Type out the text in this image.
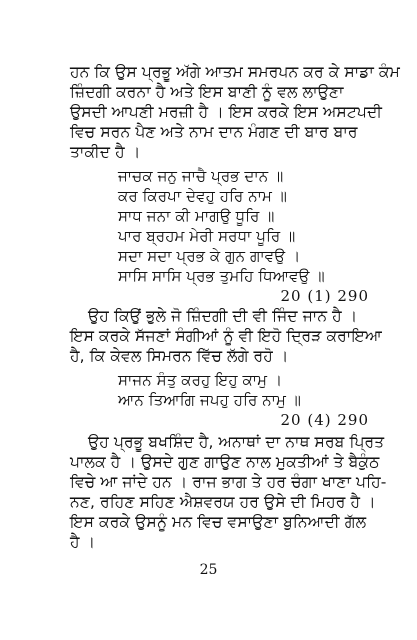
ਹਨ ਕਿ ਉਸ ਪ੍ਰਭੂ ਅੱਗੇ ਆਤਮ ਸਮਰਪਨ ਕਰ ਕੇ ਸਾਡਾ ਕੰਮ
ਜ਼ਿੰਦਗੀ ਕਰਨਾ ਹੈ ਅਤੇ ਇਸ ਬਾਣੀ ਨੂੰ ਵਲ ਲਾਉਣਾ
ਉਸਦੀ ਆਪਣੀ ਮਰਜ਼ੀ ਹੈ । ਇਸ ਕਰਕੇ ਇਸ ਅਸਟਪਦੀ
ਵਿਚ ਸਰਨ ਪੈਣ ਅਤੇ ਨਾਮ ਦਾਨ ਮੰਗਣ ਦੀ ਬਾਰ ਬਾਰ
ਤਾਕੀਦ ਹੈ ।
ਜਾਚਕ ਜਨੁ ਜਾਚੈ ਪ੍ਰਭ ਦਾਨ ॥
ਕਰ ਕਿਰਪਾ ਦੇਵਹੁ ਹਰਿ ਨਾਮ ॥
ਸਾਧ ਜਨਾ ਕੀ ਮਾਗਉ ਧੂਰਿ ॥
ਪਾਰ ਬ੍ਰਹਮ ਮੇਰੀ ਸਰਧਾ ਪੂਰਿ ॥
ਸਦਾ ਸਦਾ ਪ੍ਰਭ ਕੇ ਗੁਨ ਗਾਵਉ ।
ਸਾਸਿ ਸਾਸਿ ਪ੍ਰਭ ਤੁਮਹਿ ਧਿਆਵਉ ॥
20 (1) 290
ਉਹ ਕਿਉਂ ਭੁਲੇ ਜੋ ਜ਼ਿੰਦਗੀ ਦੀ ਵੀ ਜਿੰਦ ਜਾਨ ਹੈ ।
ਇਸ ਕਰਕੇ ਸੱਜਣਾਂ ਸੰਗੀਆਂ ਨੂੰ ਵੀ ਇਹੋ ਦ੍ਰਿੜ ਕਰਾਇਆ
ਹੈ, ਕਿ ਕੇਵਲ ਸਿਮਰਨ ਵਿੱਚ ਲੱਗੇ ਰਹੋ ।
ਸਾਜਨ ਸੰਤੁ ਕਰਹੁ ਇਹੁ ਕਾਮੁ ।
ਆਨ ਤਿਆਗਿ ਜਪਹੁ ਹਰਿ ਨਾਮੁ ॥
20 (4) 290
ਉਹ ਪ੍ਰਭੂ ਬਖਸ਼ਿੰਦ ਹੈ, ਅਨਾਥਾਂ ਦਾ ਨਾਥ ਸਰਬ ਪ੍ਰਿਤ
ਪਾਲਕ ਹੈ । ਉਸਦੇ ਗੁਣ ਗਾਉਣ ਨਾਲ ਮੁਕਤੀਆਂ ਤੇ ਬੈਕੁੰਠ
ਵਿਚੇ ਆ ਜਾਂਦੇ ਹਨ । ਰਾਜ ਭਾਗ ਤੇ ਹਰ ਚੰਗਾ ਖਾਣਾ ਪਹਿ-
ਨਣ, ਰਹਿਣ ਸਹਿਣ ਐਸ਼ਵਰਯ ਹਰ ਉਸੇ ਦੀ ਮਿਹਰ ਹੈ ।
ਇਸ ਕਰਕੇ ਉਸਨੂੰ ਮਨ ਵਿਚ ਵਸਾਉਣਾ ਬੁਨਿਆਦੀ ਗੱਲ
ਹੈ ।
25
